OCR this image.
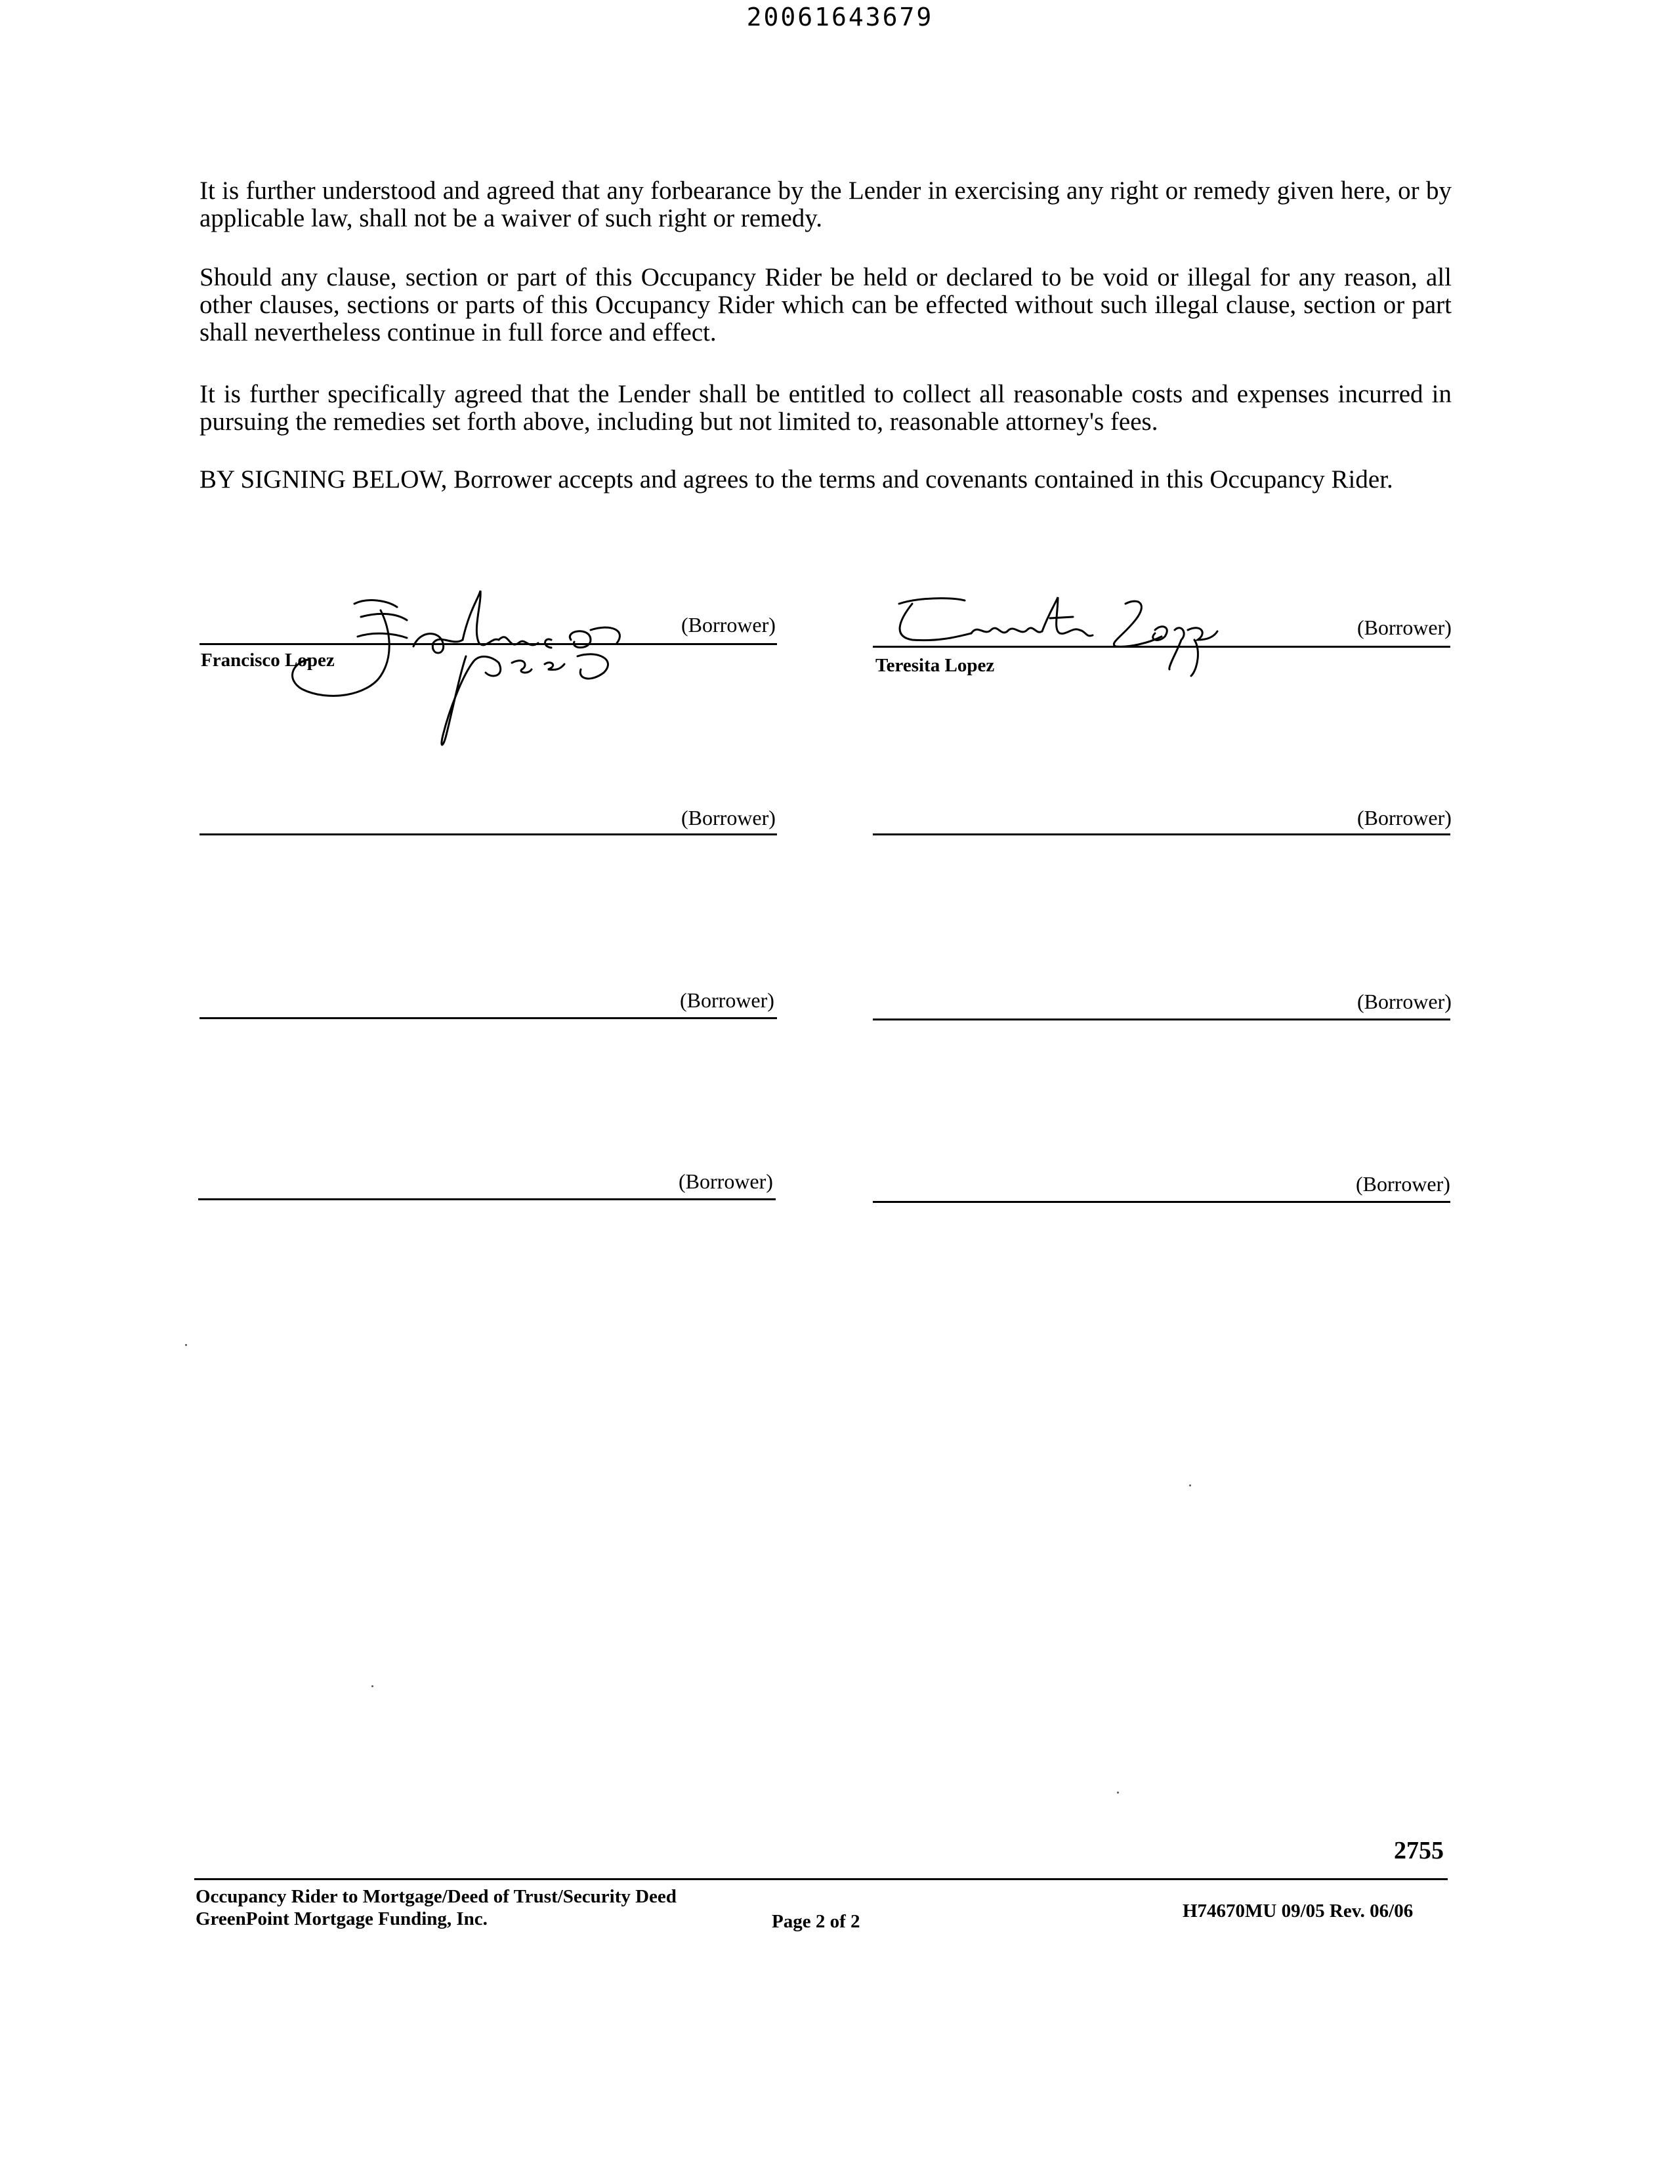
20061643679

It is further understood and agreed that any forbearance by the Lender in exercising any right or remedy given here, or by applicable law, shall not be a waiver of such right or remedy.

Should any clause, section or part of this Occupancy Rider be held or declared to be void or illegal for any reason, all other clauses, sections or parts of this Occupancy Rider which can be effected without such illegal clause, section or part shall nevertheless continue in full force and effect.

It is further specifically agreed that the Lender shall be entitled to collect all reasonable costs and expenses incurred in pursuing the remedies set forth above, including but not limited to, reasonable attorney's fees.

BY SIGNING BELOW, Borrower accepts and agrees to the terms and covenants contained in this Occupancy Rider.

(Borrower)
Francisco Lopez
(Borrower)
Teresita Lopez
(Borrower)	(Borrower)
(Borrower)	(Borrower)
(Borrower)	(Borrower)
2755
Occupancy Rider to Mortgage/Deed of Trust/Security Deed
GreenPoint Mortgage Funding, Inc.	Page 2 of 2	H74670MU 09/05 Rev. 06/06
